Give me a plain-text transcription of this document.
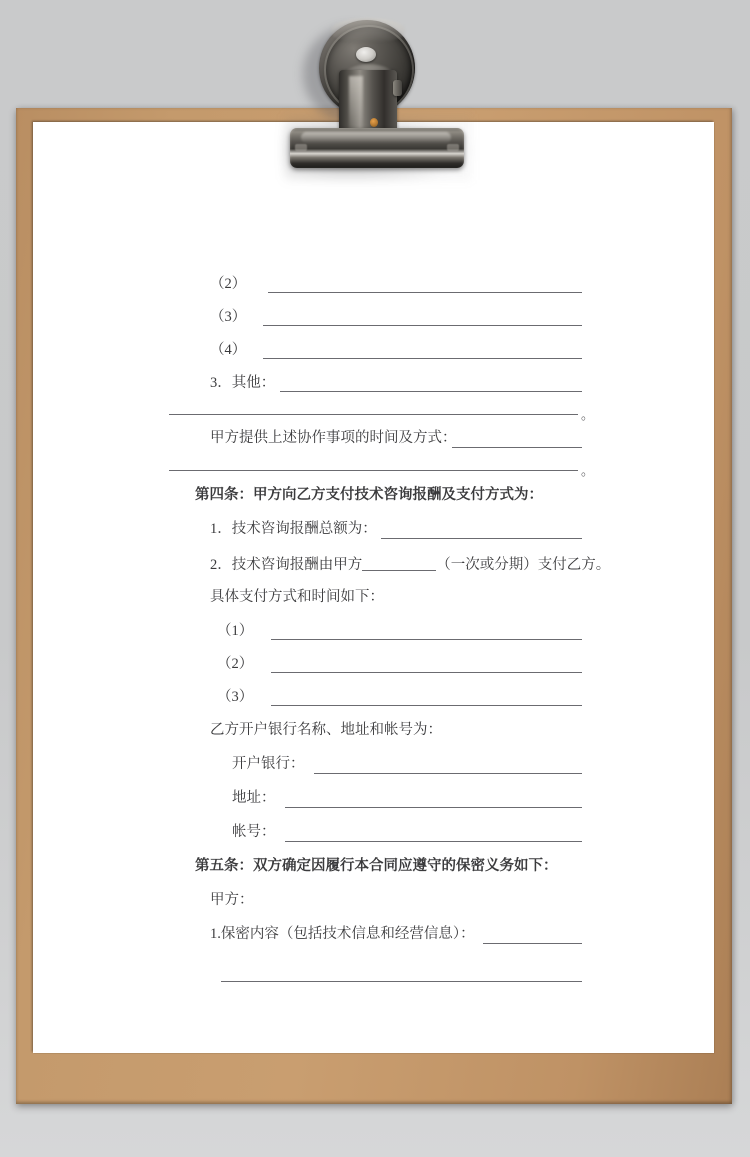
（2）
（3）
（4）
3．其他：
。
甲方提供上述协作事项的时间及方式：
。
第四条：甲方向乙方支付技术咨询报酬及支付方式为：
1．技术咨询报酬总额为：
2．技术咨询报酬由甲方	（一次或分期）支付乙方。
具体支付方式和时间如下：
（1）
（2）
（3）
乙方开户银行名称、地址和帐号为：
开户银行：
地址：
帐号：
第五条：双方确定因履行本合同应遵守的保密义务如下：
甲方：
1.保密内容（包括技术信息和经营信息）：
